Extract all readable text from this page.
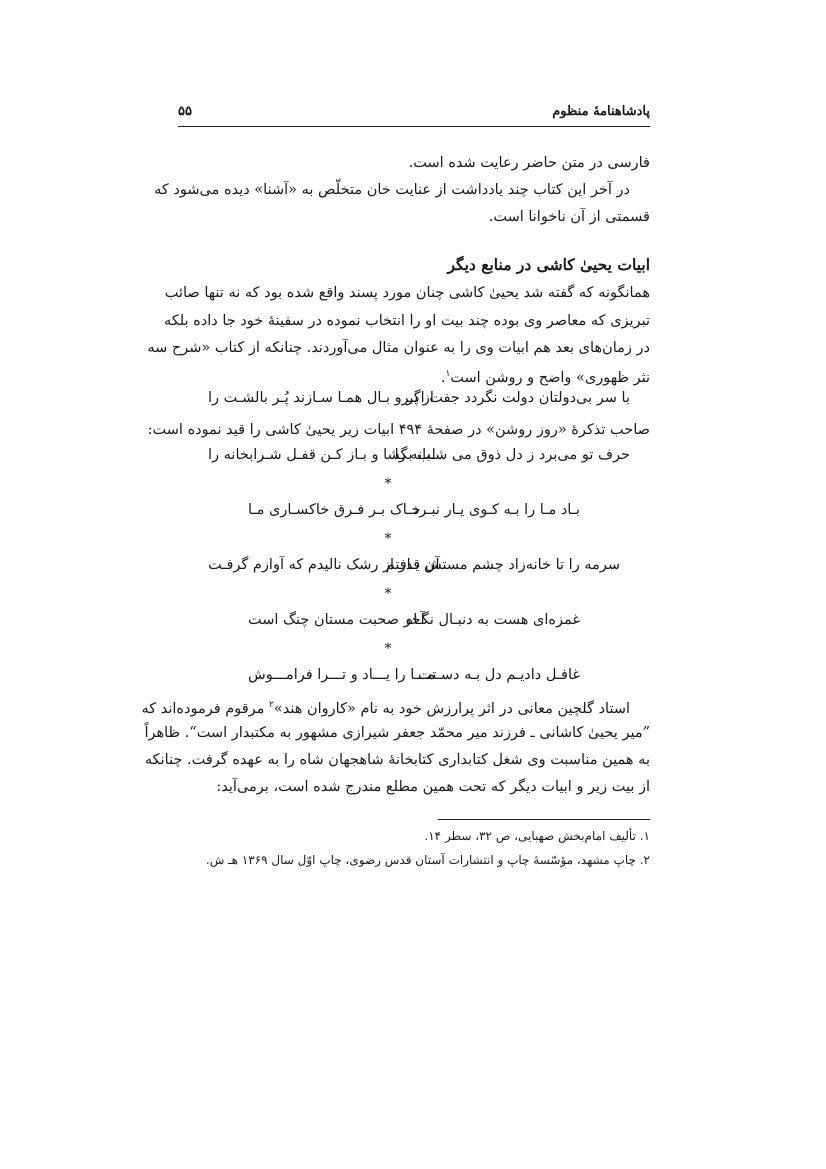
پادشاهنامهٔ منظوم
۵۵
فارسی در متن حاضر رعایت شده است.
در آخر این کتاب چند یادداشت از عنایت خان متخلّص به «آشنا» دیده می‌شود که
قسمتی از آن ناخوانا است.
ابیات یحییٰ کاشی در منابع دیگر
همانگونه که گفته شد یحییٰ کاشی چنان مورد پسند واقع شده بود که نه تنها صائب
تبریزی که معاصر وی بوده چند بیت او را انتخاب نموده در سفینهٔ خود جا داده بلکه
در زمان‌های بعد هم ابیات وی را به عنوان مثال می‌آوردند. چنانکه از کتاب «شرح سه
نثر ظهوری» واضح و روشن است$^۱$.
با سر بی‌دولتان دولت نگردد جفت اگـر
از پر و بـال همـا سـازند پُـر بالشـت را
صاحب تذکرهٔ «روز روشن» در صفحهٔ ۴۹۴ ابیات زیر یحییٰ کاشی را قید نموده است:
حرف تو می‌برد ز دل ذوق می شـبانه را
لب بگشا و بـاز کـن قفـل شـرابخانه را
*
بـاد مـا را بـه کـوی یـار نبـرد
خـاک بـر فـرق خاکسـاری مـا
*
سرمه را تا خانه‌زاد چشم مستش یـافتم
آن قدر از رشک نالیدم که آوازم گرفـت
*
غمزه‌ای هست به دنبـال نگـاه
آخر صحبت مستان چنگ است
*
غافـل دادیـم دل بـه دسـتت
مـــا را یـــاد و تـــرا فرامـــوش
استاد گلچین معانی در اثر پرارزش خود به نام «کاروان هند»$^۲$ مرقوم فرموده‌اند که
”میر یحییٰ کاشانی ـ فرزند میر محمّد جعفر شیرازی مشهور به مکتبدار است“. ظاهراً
به همین مناسبت وی شغل کتابداری کتابخانهٔ شاهجهان شاه را به عهده گرفت. چنانکه
از بیت زیر و ابیات دیگر که تحت همین مطلع مندرج شده است، برمی‌آید:
۱. تألیف امام‌بخش صهبایی، ص ۳۲، سطر ۱۴.
۲. چاپ مشهد، مؤسّسهٔ چاپ و انتشارات آستان قدس رضوی، چاپ اوّل سال ۱۳۶۹ هـ ش.
